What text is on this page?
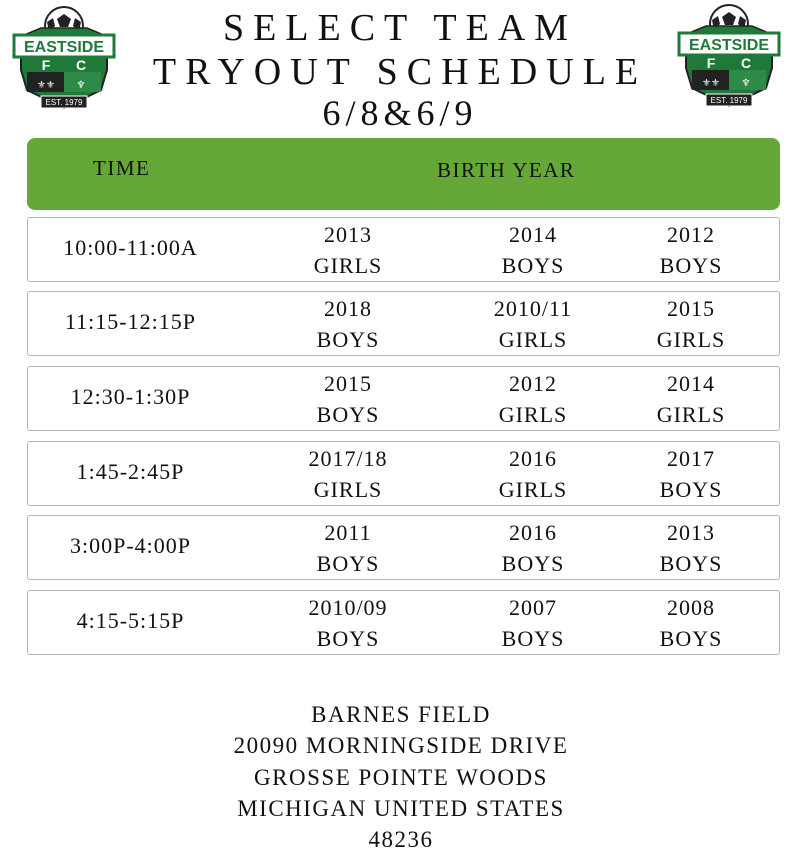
EASTSIDE
F C
⚜⚜ ♆
EST. 1979
EASTSIDE
F C
⚜⚜ ♆
EST. 1979
SELECT TEAM
TRYOUT SCHEDULE
6/8&6/9
TIME	BIRTH YEAR
10:00-11:00A
2013
GIRLS
2014
BOYS
2012
BOYS
11:15-12:15P
2018
BOYS
2010/11
GIRLS
2015
GIRLS
12:30-1:30P
2015
BOYS
2012
GIRLS
2014
GIRLS
1:45-2:45P
2017/18
GIRLS
2016
GIRLS
2017
BOYS
3:00P-4:00P
2011
BOYS
2016
BOYS
2013
BOYS
4:15-5:15P
2010/09
BOYS
2007
BOYS
2008
BOYS
BARNES FIELD
20090 MORNINGSIDE DRIVE
GROSSE POINTE WOODS
MICHIGAN UNITED STATES
48236
